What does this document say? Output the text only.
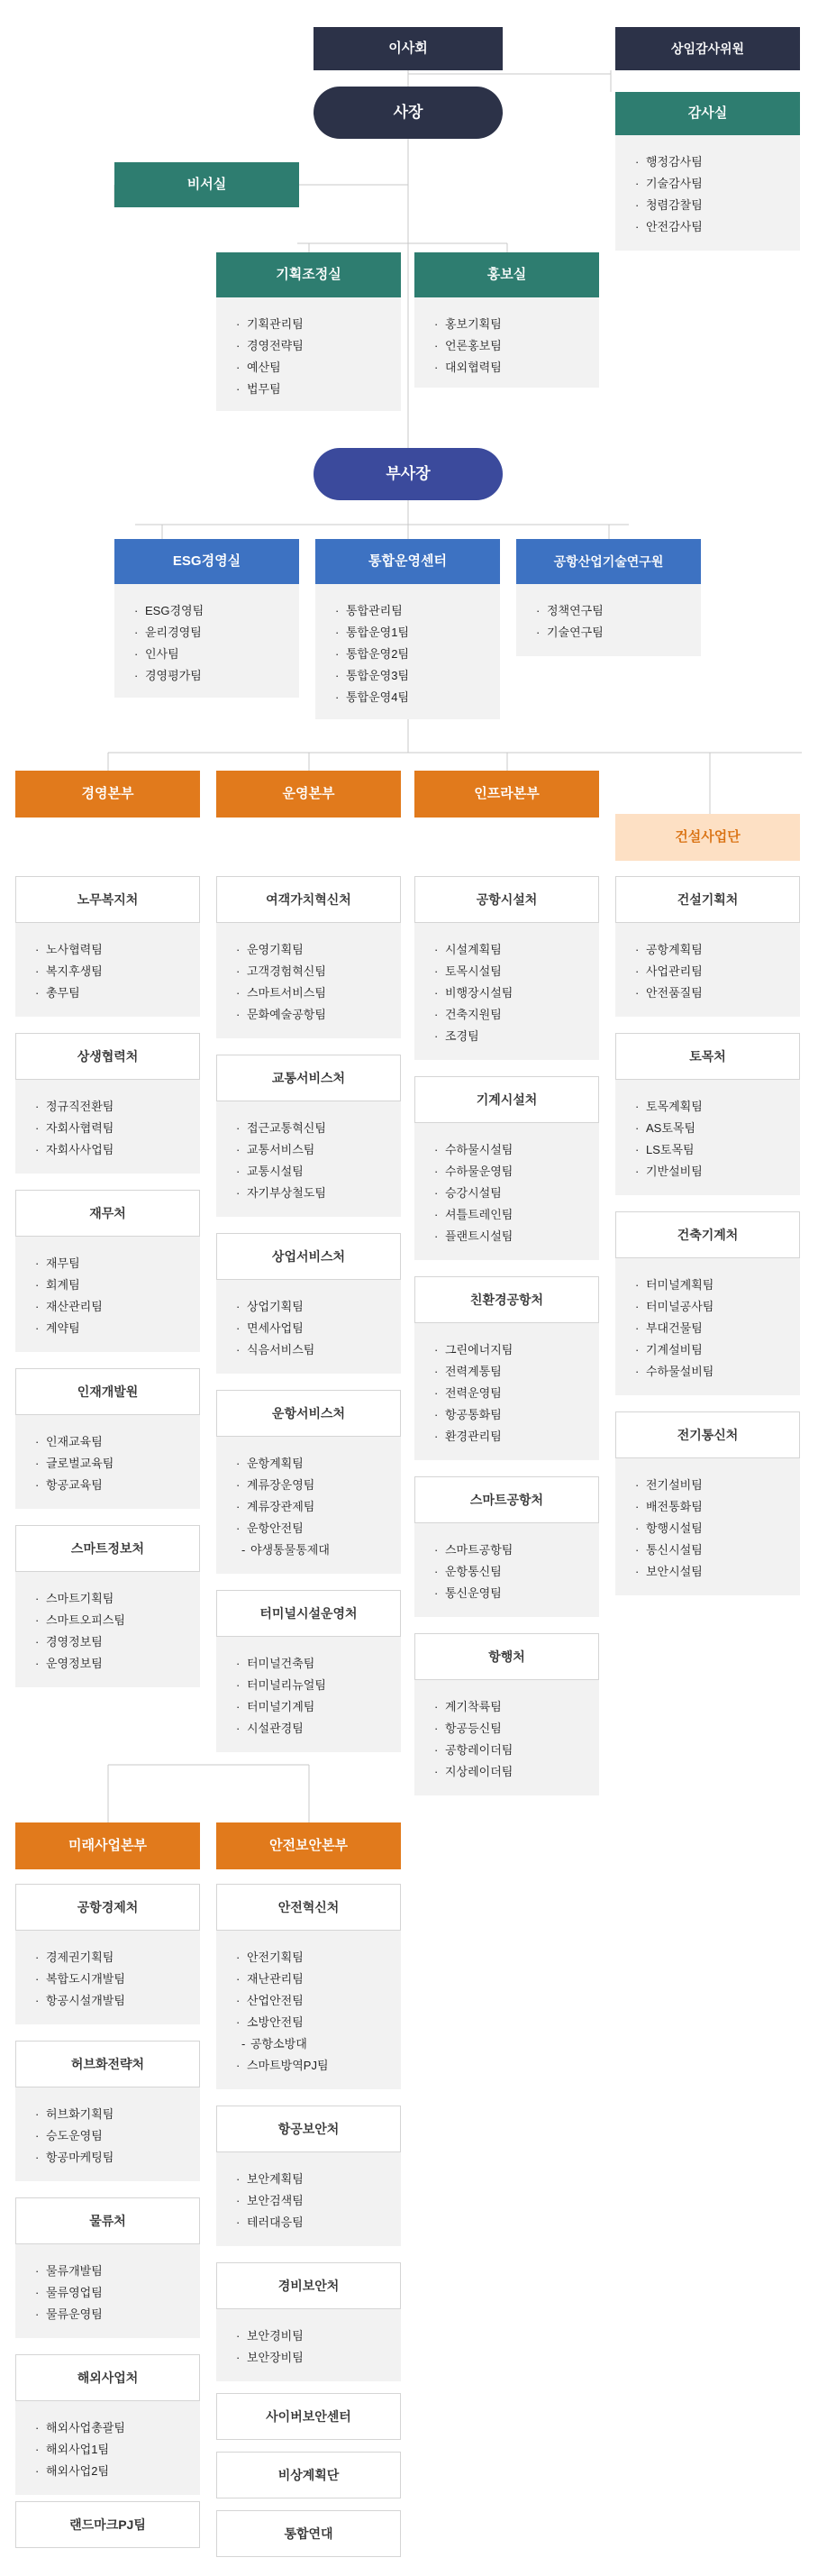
이사회	상임감사위원
사장	감사실
· 행정감사팀
· 기술감사팀
· 청렴감찰팀
· 안전감사팀
비서실
기획조정실
· 기획관리팀
· 경영전략팀
· 예산팀
· 법무팀
홍보실
· 홍보기획팀
· 언론홍보팀
· 대외협력팀
부사장
ESG경영실
· ESG경영팀
· 윤리경영팀
· 인사팀
· 경영평가팀
통합운영센터
· 통합관리팀
· 통합운영1팀
· 통합운영2팀
· 통합운영3팀
· 통합운영4팀
공항산업기술연구원
· 정책연구팀
· 기술연구팀
경영본부	운영본부	인프라본부
건설사업단
노무복지처
· 노사협력팀
· 복지후생팀
· 총무팀
상생협력처
· 정규직전환팀
· 자회사협력팀
· 자회사사업팀
재무처
· 재무팀
· 회계팀
· 재산관리팀
· 계약팀
인재개발원
· 인재교육팀
· 글로벌교육팀
· 항공교육팀
스마트정보처
· 스마트기획팀
· 스마트오피스팀
· 경영정보팀
· 운영정보팀
여객가치혁신처
· 운영기획팀
· 고객경험혁신팀
· 스마트서비스팀
· 문화예술공항팀
교통서비스처
· 접근교통혁신팀
· 교통서비스팀
· 교통시설팀
· 자기부상철도팀
상업서비스처
· 상업기획팀
· 면세사업팀
· 식음서비스팀
운항서비스처
· 운항계획팀
· 계류장운영팀
· 계류장관제팀
· 운항안전팀
- 야생통물통제대
터미널시설운영처
· 터미널건축팀
· 터미널리뉴얼팀
· 터미널기계팀
· 시설관경팀
공항시설처
· 시설계획팀
· 토목시설팀
· 비행장시설팀
· 건축지원팀
· 조경팀
기계시설처
· 수하물시설팀
· 수하물운영팀
· 승강시설팀
· 셔틀트레인팀
· 플랜트시설팀
친환경공항처
· 그린에너지팀
· 전력계통팀
· 전력운영팀
· 항공통화팀
· 환경관리팀
스마트공항처
· 스마트공항팀
· 운항통신팀
· 통신운영팀
항행처
· 계기착륙팀
· 항공등신팀
· 공항레이더팀
· 지상레이더팀
건설기획처
· 공항계획팀
· 사업관리팀
· 안전품질팀
토목처
· 토목계획팀
· AS토목팀
· LS토목팀
· 기반설비팀
건축기계처
· 터미널계획팀
· 터미널공사팀
· 부대건물팀
· 기계설비팀
· 수하물설비팀
전기통신처
· 전기설비팀
· 배전통화팀
· 항행시설팀
· 통신시설팀
· 보안시설팀
미래사업본부	안전보안본부
공항경제처
· 경제권기획팀
· 복합도시개발팀
· 항공시설개발팀
허브화전략처
· 허브화기획팀
· 승도운영팀
· 항공마케팅팀
물류처
· 물류개발팀
· 물류영업팀
· 물류운영팀
해외사업처
· 해외사업총괄팀
· 해외사업1팀
· 해외사업2팀
랜드마크PJ팀
안전혁신처
· 안전기획팀
· 재난관리팀
· 산업안전팀
· 소방안전팀
- 공항소방대
· 스마트방역PJ팀
항공보안처
· 보안계획팀
· 보안검색팀
· 테러대응팀
경비보안처
· 보안경비팀
· 보안장비팀
사이버보안센터
비상계획단
통합연대
